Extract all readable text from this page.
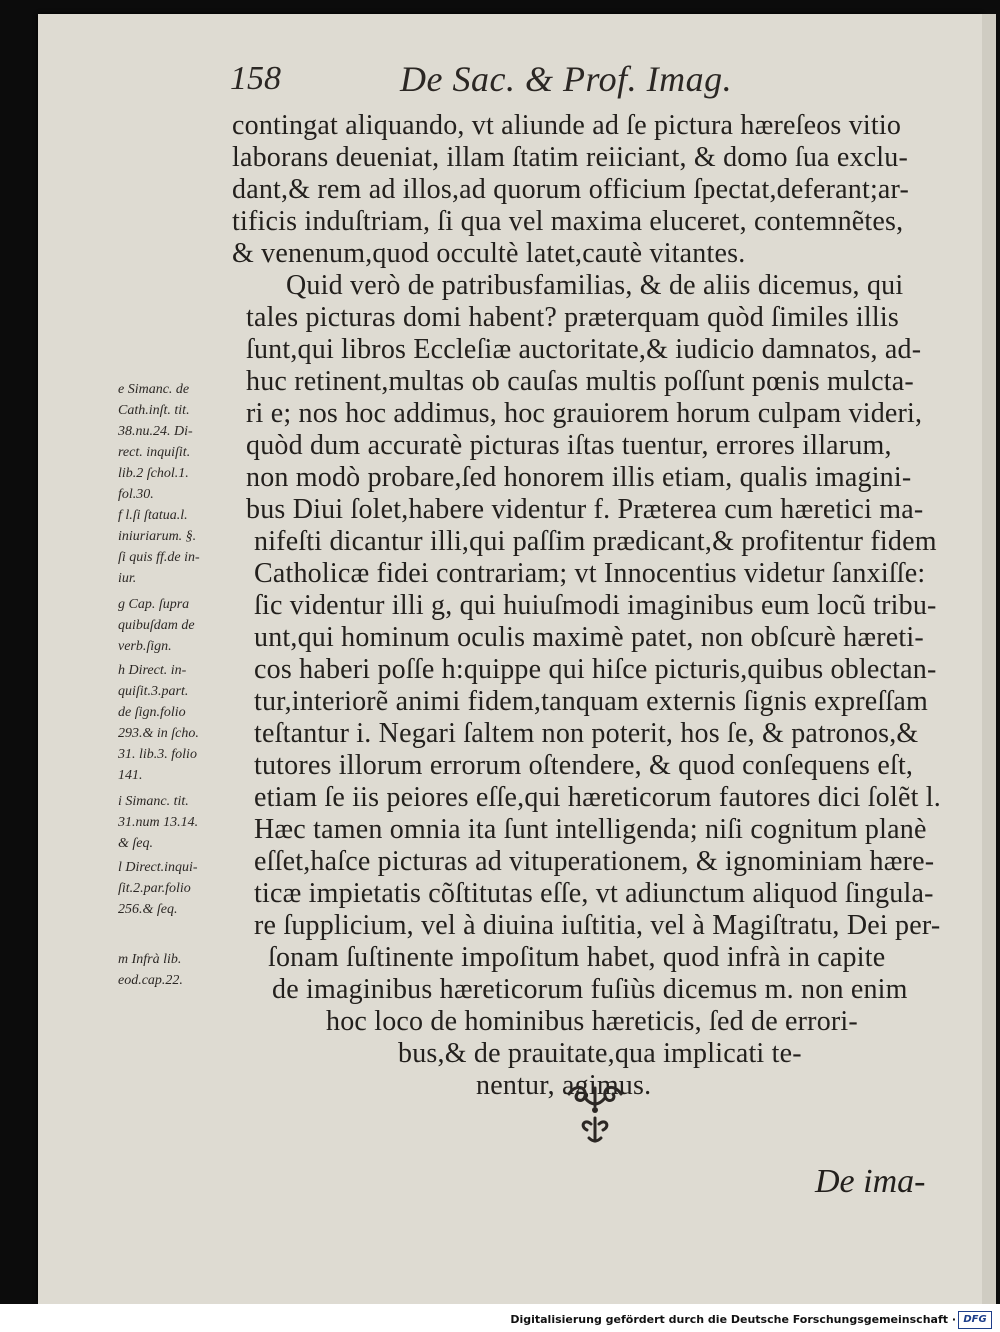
158	De Sac. & Prof. Imag.
contingat aliquando, vt aliunde ad ſe pictura hæreſeos vitio
laborans deueniat, illam ſtatim reiiciant, & domo ſua exclu-
dant,& rem ad illos,ad quorum officium ſpectat,deferant;ar-
tificis induſtriam, ſi qua vel maxima eluceret, contemnẽtes,
& venenum,quod occultè latet,cautè vitantes.
Quid verò de patribusfamilias, & de aliis dicemus, qui
tales picturas domi habent? præterquam quòd ſimiles illis
ſunt,qui libros Eccleſiæ auctoritate,& iudicio damnatos, ad-
huc retinent,multas ob cauſas multis poſſunt pœnis mulcta-
ri e; nos hoc addimus, hoc grauiorem horum culpam videri,
quòd dum accuratè picturas iſtas tuentur, errores illarum,
non modò probare,ſed honorem illis etiam, qualis imagini-
bus Diui ſolet,habere videntur f. Præterea cum hæretici ma-
nifeſti dicantur illi,qui paſſim prædicant,& profitentur fidem
Catholicæ fidei contrariam; vt Innocentius videtur ſanxiſſe:
ſic videntur illi g, qui huiuſmodi imaginibus eum locũ tribu-
unt,qui hominum oculis maximè patet, non obſcurè hæreti-
cos haberi poſſe h:quippe qui hiſce picturis,quibus oblectan-
tur,interiorẽ animi fidem,tanquam externis ſignis expreſſam
teſtantur i. Negari ſaltem non poterit, hos ſe, & patronos,&
tutores illorum errorum oſtendere, & quod conſequens eſt,
etiam ſe iis peiores eſſe,qui hæreticorum fautores dici ſolẽt l.
Hæc tamen omnia ita ſunt intelligenda; niſi cognitum planè
eſſet,haſce picturas ad vituperationem, & ignominiam hære-
ticæ impietatis cõſtitutas eſſe, vt adiunctum aliquod ſingula-
re ſupplicium, vel à diuina iuſtitia, vel à Magiſtratu, Dei per-
ſonam ſuſtinente impoſitum habet, quod infrà in capite
de imaginibus hæreticorum fuſiùs dicemus m. non enim
hoc loco de hominibus hæreticis, ſed de errori-
bus,& de prauitate,qua implicati te-
nentur, agimus.
e Simanc. de
Cath.inſt. tit.
38.nu.24. Di-
rect. inquiſit.
lib.2 ſchol.1.
fol.30.
f l.ſi ſtatua.l.
iniuriarum. §.
ſi quis ff.de in-
iur.
g Cap. ſupra
quibuſdam de
verb.ſign.
h Direct. in-
quiſit.3.part.
de ſign.folio
293.& in ſcho.
31. lib.3. folio
141.
i Simanc. tit.
31.num 13.14.
& ſeq.
l Direct.inqui-
ſit.2.par.folio
256.& ſeq.
m Infrà lib.
eod.cap.22.
De ima-
Digitalisierung gefördert durch die Deutsche Forschungsgemeinschaft · DFG
